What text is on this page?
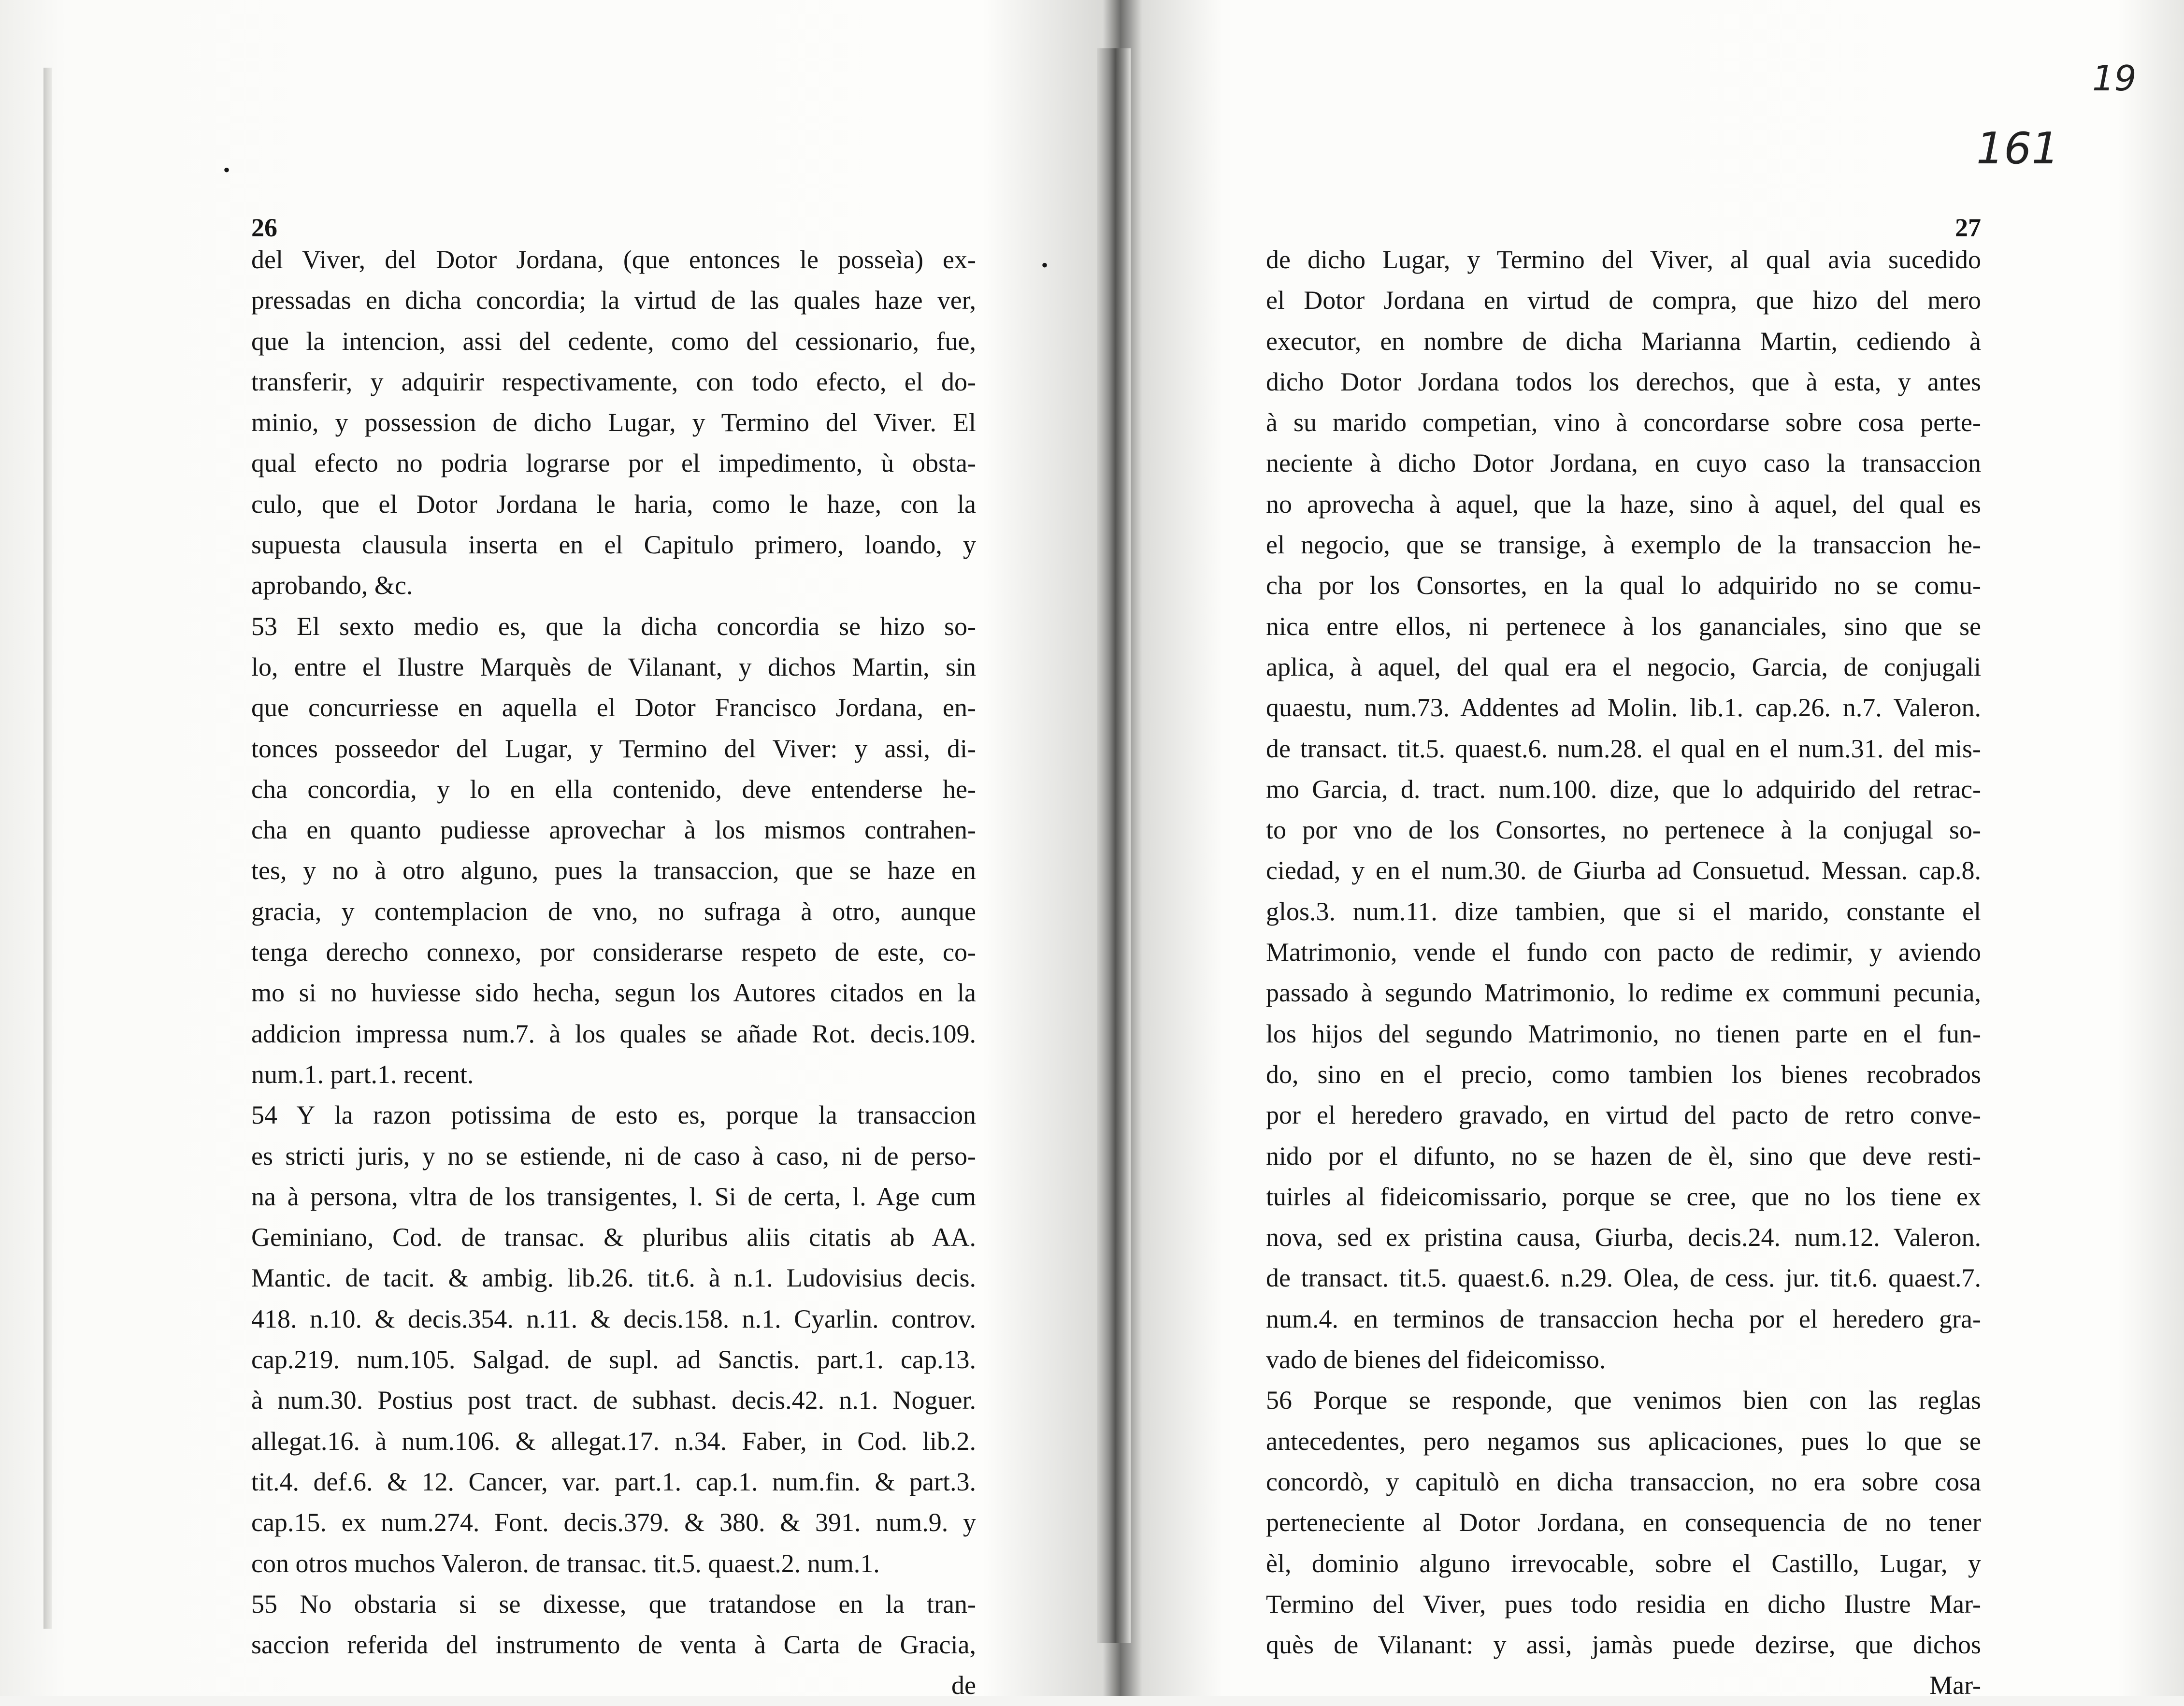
•
•
19
161
26
del Viver, del Dotor Jordana, (que entonces le posseìa) ex-
pressadas en dicha concordia; la virtud de las quales haze ver,
que la intencion, assi del cedente, como del cessionario, fue,
transferir, y adquirir respectivamente, con todo efecto, el do-
minio, y possession de dicho Lugar, y Termino del Viver. El
qual efecto no podria lograrse por el impedimento, ù obsta-
culo, que el Dotor Jordana le haria, como le haze, con la
supuesta clausula inserta en el Capitulo primero, loando, y
aprobando, &c.
53 El sexto medio es, que la dicha concordia se hizo so-
lo, entre el Ilustre Marquès de Vilanant, y dichos Martin, sin
que concurriesse en aquella el Dotor Francisco Jordana, en-
tonces posseedor del Lugar, y Termino del Viver: y assi, di-
cha concordia, y lo en ella contenido, deve entenderse he-
cha en quanto pudiesse aprovechar à los mismos contrahen-
tes, y no à otro alguno, pues la transaccion, que se haze en
gracia, y contemplacion de vno, no sufraga à otro, aunque
tenga derecho connexo, por considerarse respeto de este, co-
mo si no huviesse sido hecha, segun los Autores citados en la
addicion impressa num.7. à los quales se añade Rot. decis.109.
num.1. part.1. recent.
54 Y la razon potissima de esto es, porque la transaccion
es stricti juris, y no se estiende, ni de caso à caso, ni de perso-
na à persona, vltra de los transigentes, l. Si de certa, l. Age cum
Geminiano, Cod. de transac. & pluribus aliis citatis ab AA.
Mantic. de tacit. & ambig. lib.26. tit.6. à n.1. Ludovisius decis.
418. n.10. & decis.354. n.11. & decis.158. n.1. Cyarlin. controv.
cap.219. num.105. Salgad. de supl. ad Sanctis. part.1. cap.13.
à num.30. Postius post tract. de subhast. decis.42. n.1. Noguer.
allegat.16. à num.106. & allegat.17. n.34. Faber, in Cod. lib.2.
tit.4. def.6. & 12. Cancer, var. part.1. cap.1. num.fin. & part.3.
cap.15. ex num.274. Font. decis.379. & 380. & 391. num.9. y
con otros muchos Valeron. de transac. tit.5. quaest.2. num.1.
55 No obstaria si se dixesse, que tratandose en la tran-
saccion referida del instrumento de venta à Carta de Gracia,
de
27
de dicho Lugar, y Termino del Viver, al qual avia sucedido
el Dotor Jordana en virtud de compra, que hizo del mero
executor, en nombre de dicha Marianna Martin, cediendo à
dicho Dotor Jordana todos los derechos, que à esta, y antes
à su marido competian, vino à concordarse sobre cosa perte-
neciente à dicho Dotor Jordana, en cuyo caso la transaccion
no aprovecha à aquel, que la haze, sino à aquel, del qual es
el negocio, que se transige, à exemplo de la transaccion he-
cha por los Consortes, en la qual lo adquirido no se comu-
nica entre ellos, ni pertenece à los gananciales, sino que se
aplica, à aquel, del qual era el negocio, Garcia, de conjugali
quaestu, num.73. Addentes ad Molin. lib.1. cap.26. n.7. Valeron.
de transact. tit.5. quaest.6. num.28. el qual en el num.31. del mis-
mo Garcia, d. tract. num.100. dize, que lo adquirido del retrac-
to por vno de los Consortes, no pertenece à la conjugal so-
ciedad, y en el num.30. de Giurba ad Consuetud. Messan. cap.8.
glos.3. num.11. dize tambien, que si el marido, constante el
Matrimonio, vende el fundo con pacto de redimir, y aviendo
passado à segundo Matrimonio, lo redime ex communi pecunia,
los hijos del segundo Matrimonio, no tienen parte en el fun-
do, sino en el precio, como tambien los bienes recobrados
por el heredero gravado, en virtud del pacto de retro conve-
nido por el difunto, no se hazen de èl, sino que deve resti-
tuirles al fideicomissario, porque se cree, que no los tiene ex
nova, sed ex pristina causa, Giurba, decis.24. num.12. Valeron.
de transact. tit.5. quaest.6. n.29. Olea, de cess. jur. tit.6. quaest.7.
num.4. en terminos de transaccion hecha por el heredero gra-
vado de bienes del fideicomisso.
56 Porque se responde, que venimos bien con las reglas
antecedentes, pero negamos sus aplicaciones, pues lo que se
concordò, y capitulò en dicha transaccion, no era sobre cosa
perteneciente al Dotor Jordana, en consequencia de no tener
èl, dominio alguno irrevocable, sobre el Castillo, Lugar, y
Termino del Viver, pues todo residia en dicho Ilustre Mar-
quès de Vilanant: y assi, jamàs puede dezirse, que dichos
Mar-
